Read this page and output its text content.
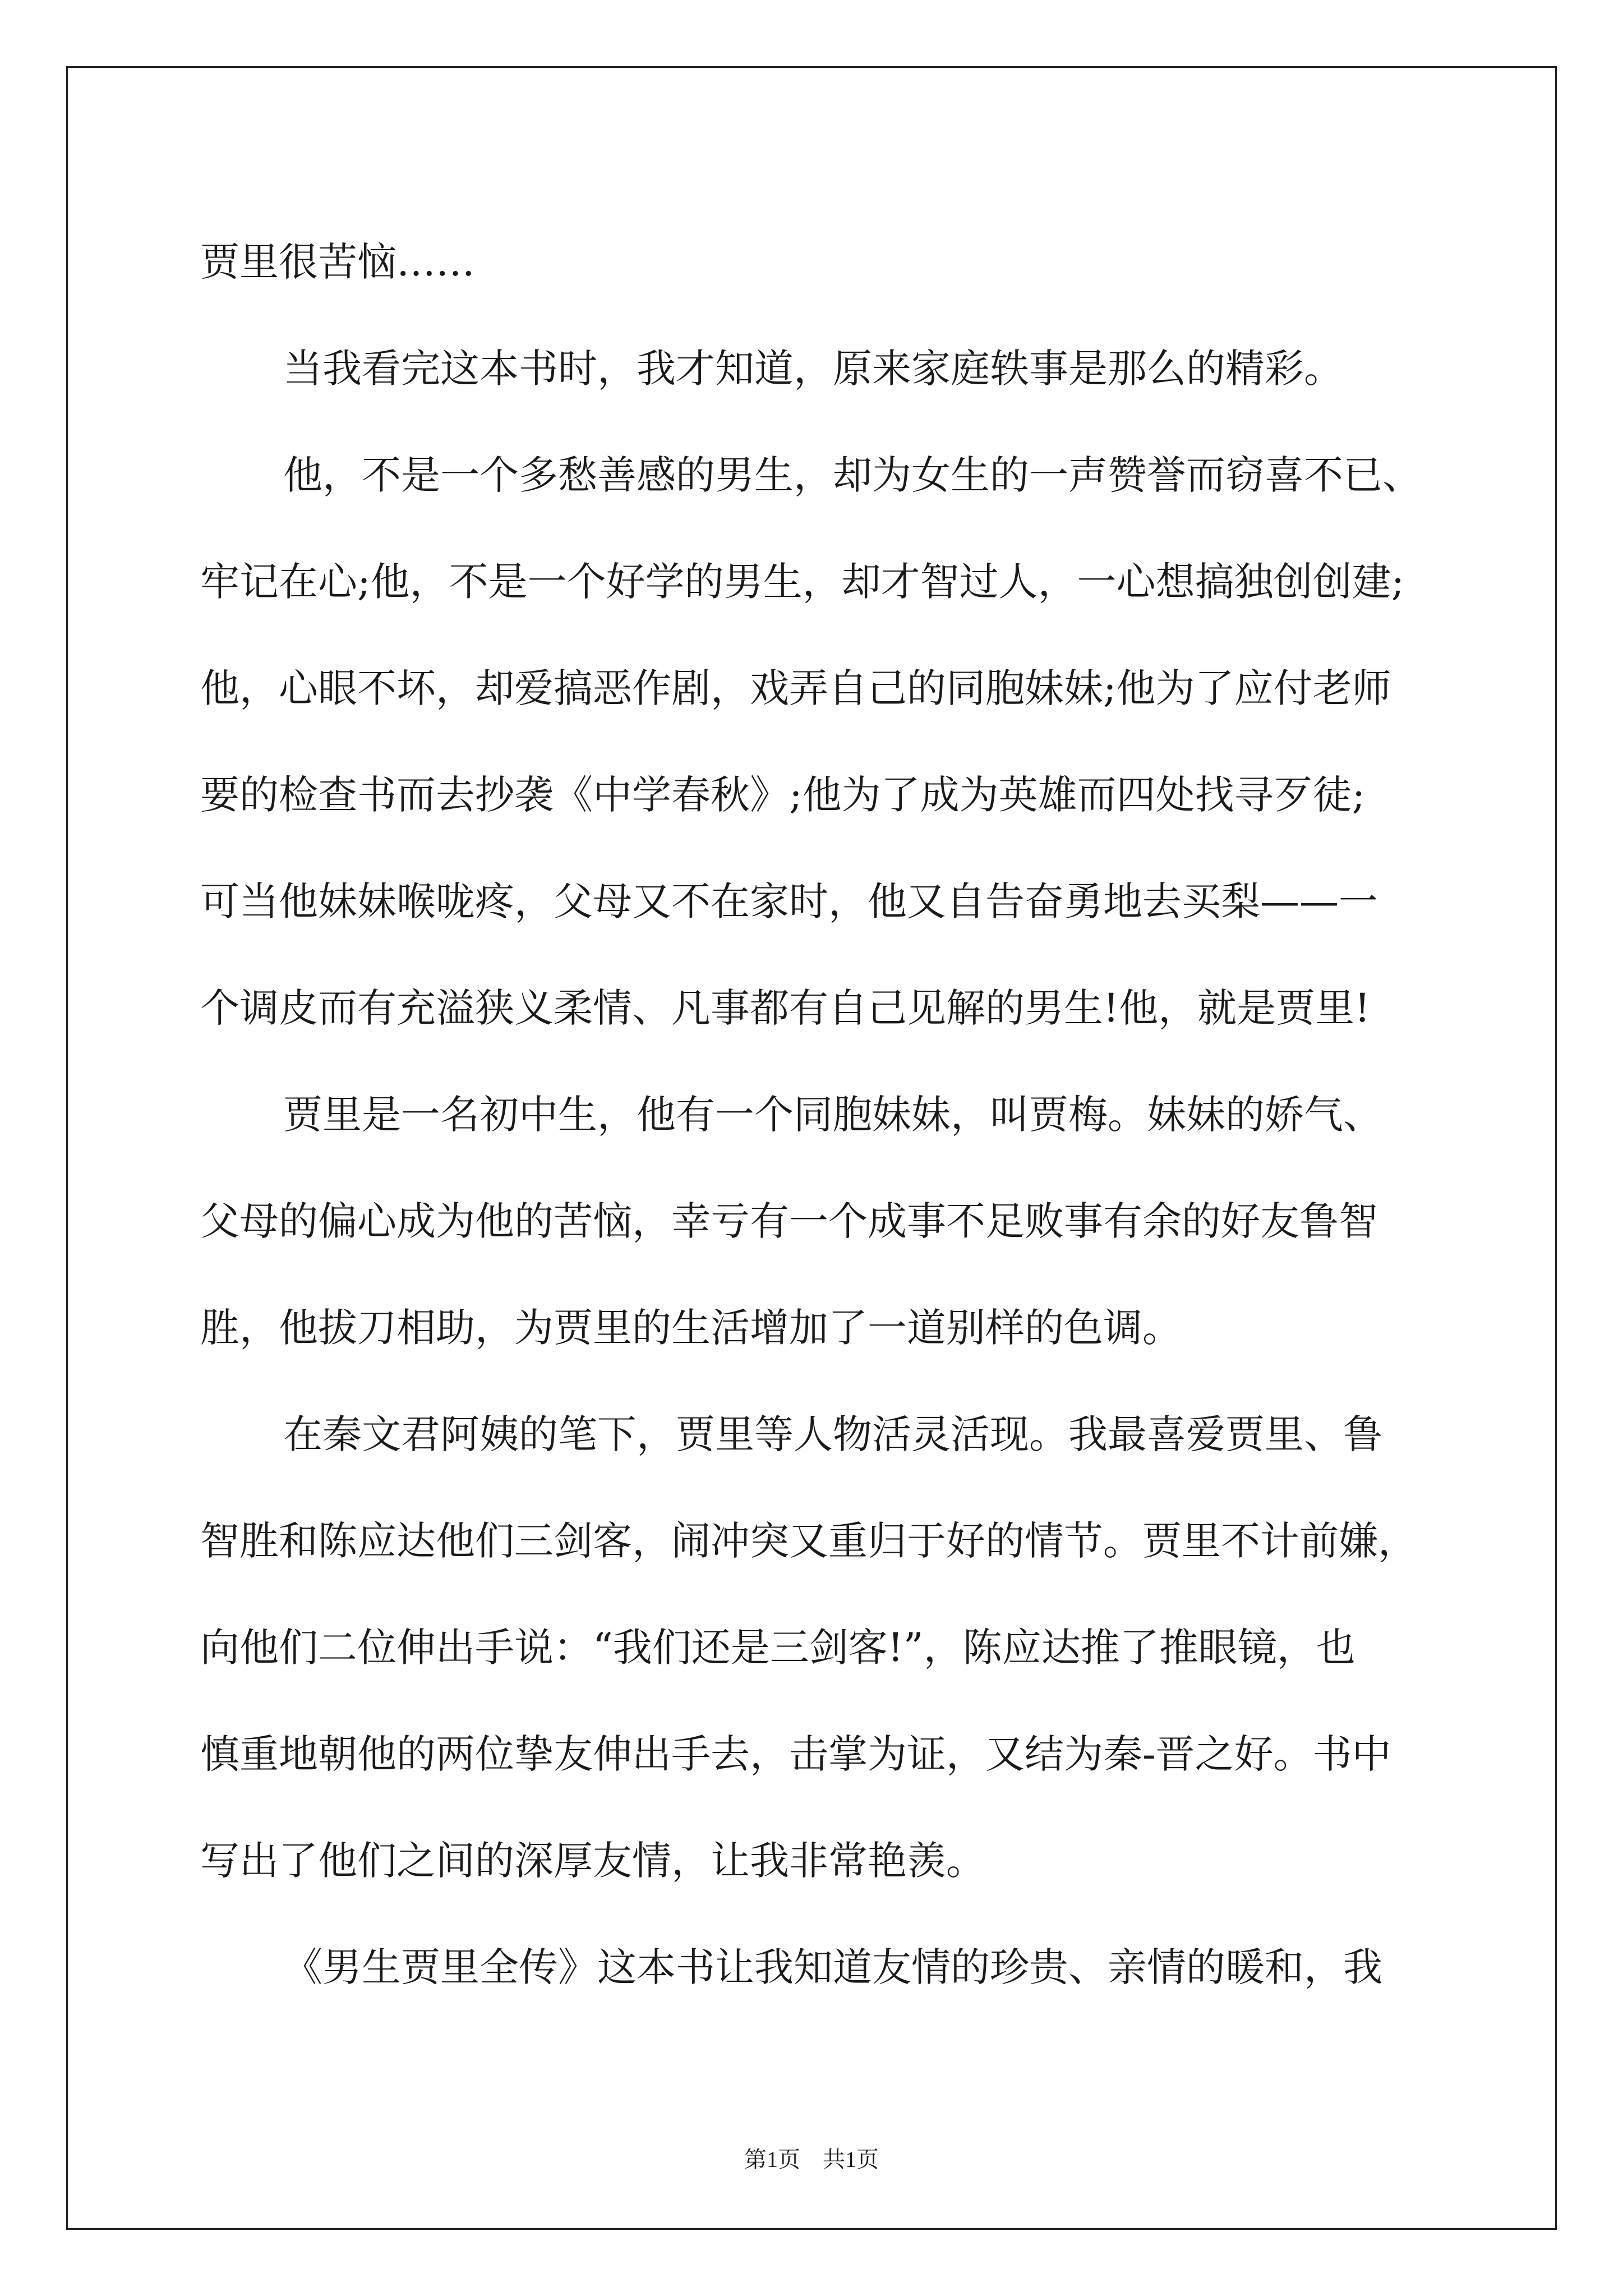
贾里很苦恼……
当我看完这本书时，我才知道，原来家庭轶事是那么的精彩。
他，不是一个多愁善感的男生，却为女生的一声赞誉而窃喜不已、
牢记在心;他，不是一个好学的男生，却才智过人，一心想搞独创创建;
他，心眼不坏，却爱搞恶作剧，戏弄自己的同胞妹妹;他为了应付老师
要的检查书而去抄袭《中学春秋》;他为了成为英雄而四处找寻歹徒;
可当他妹妹喉咙疼，父母又不在家时，他又自告奋勇地去买梨——一
个调皮而有充溢狭义柔情、凡事都有自己见解的男生!他，就是贾里!
贾里是一名初中生，他有一个同胞妹妹，叫贾梅。妹妹的娇气、
父母的偏心成为他的苦恼，幸亏有一个成事不足败事有余的好友鲁智
胜，他拔刀相助，为贾里的生活增加了一道别样的色调。
在秦文君阿姨的笔下，贾里等人物活灵活现。我最喜爱贾里、鲁
智胜和陈应达他们三剑客，闹冲突又重归于好的情节。贾里不计前嫌，
向他们二位伸出手说：“我们还是三剑客!”，陈应达推了推眼镜，也
慎重地朝他的两位挚友伸出手去，击掌为证，又结为秦-晋之好。书中
写出了他们之间的深厚友情，让我非常艳羡。
《男生贾里全传》这本书让我知道友情的珍贵、亲情的暖和，我
第1页　共1页
